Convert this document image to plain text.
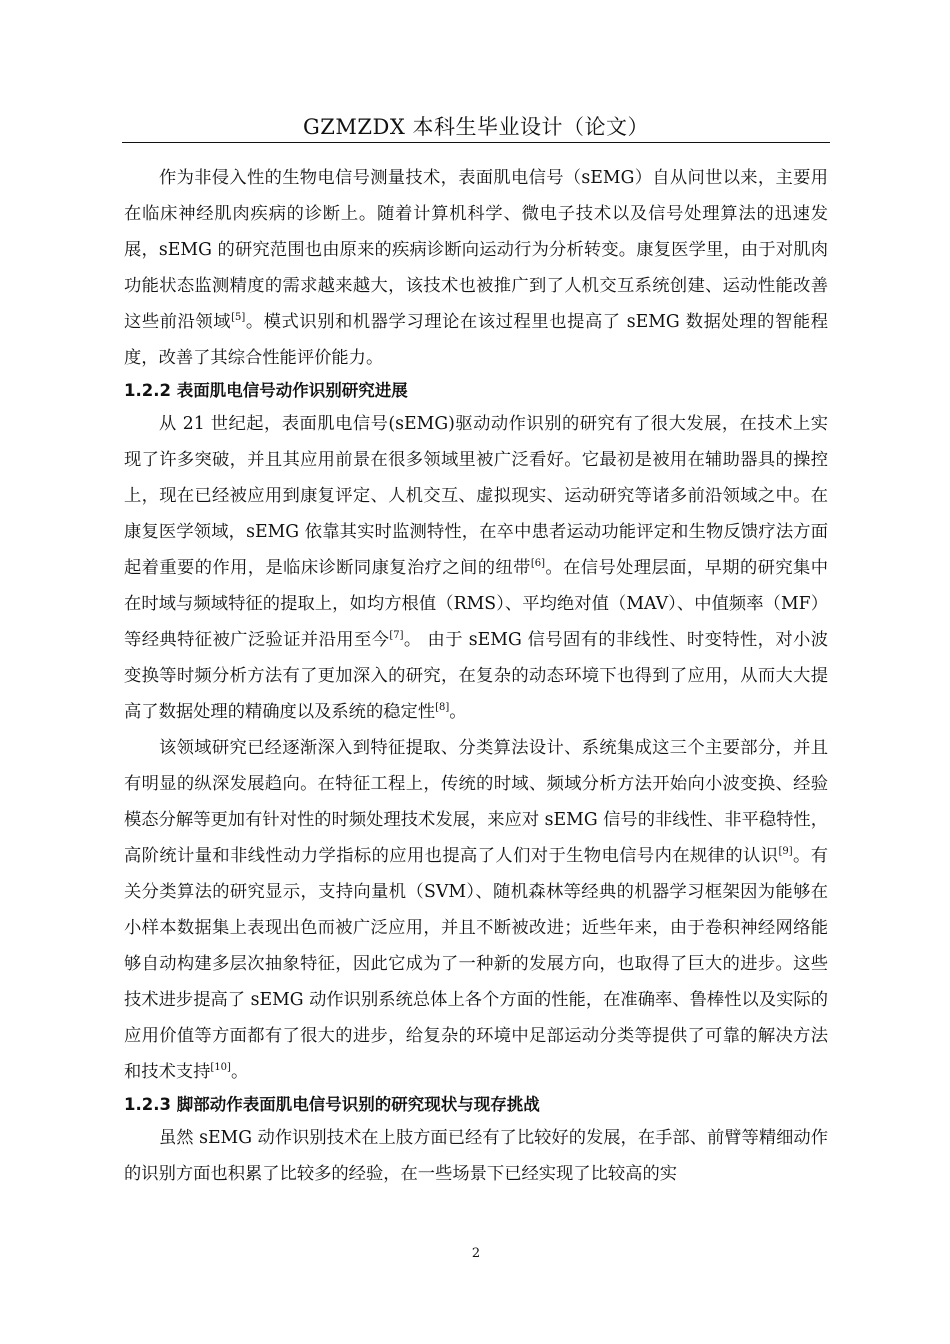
GZMZDX 本科生毕业设计（论文）

作为非侵入性的生物电信号测量技术，表面肌电信号（sEMG）自从问世以来，主要用在临床神经肌肉疾病的诊断上。随着计算机科学、微电子技术以及信号处理算法的迅速发展，sEMG 的研究范围也由原来的疾病诊断向运动行为分析转变。康复医学里，由于对肌肉功能状态监测精度的需求越来越大，该技术也被推广到了人机交互系统创建、运动性能改善这些前沿领域[5]。模式识别和机器学习理论在该过程里也提高了 sEMG 数据处理的智能程度，改善了其综合性能评价能力。

1.2.2 表面肌电信号动作识别研究进展

从 21 世纪起，表面肌电信号(sEMG)驱动动作识别的研究有了很大发展，在技术上实现了许多突破，并且其应用前景在很多领域里被广泛看好。它最初是被用在辅助器具的操控上，现在已经被应用到康复评定、人机交互、虚拟现实、运动研究等诸多前沿领域之中。在康复医学领域，sEMG 依靠其实时监测特性，在卒中患者运动功能评定和生物反馈疗法方面起着重要的作用，是临床诊断同康复治疗之间的纽带[6]。在信号处理层面，早期的研究集中在时域与频域特征的提取上，如均方根值（RMS）、平均绝对值（MAV）、中值频率（MF）等经典特征被广泛验证并沿用至今[7]。 由于 sEMG 信号固有的非线性、时变特性，对小波变换等时频分析方法有了更加深入的研究，在复杂的动态环境下也得到了应用，从而大大提高了数据处理的精确度以及系统的稳定性[8]。

该领域研究已经逐渐深入到特征提取、分类算法设计、系统集成这三个主要部分，并且有明显的纵深发展趋向。在特征工程上，传统的时域、频域分析方法开始向小波变换、经验模态分解等更加有针对性的时频处理技术发展，来应对 sEMG 信号的非线性、非平稳特性，高阶统计量和非线性动力学指标的应用也提高了人们对于生物电信号内在规律的认识[9]。有关分类算法的研究显示，支持向量机（SVM）、随机森林等经典的机器学习框架因为能够在小样本数据集上表现出色而被广泛应用，并且不断被改进；近些年来，由于卷积神经网络能够自动构建多层次抽象特征，因此它成为了一种新的发展方向，也取得了巨大的进步。这些技术进步提高了 sEMG 动作识别系统总体上各个方面的性能，在准确率、鲁棒性以及实际的应用价值等方面都有了很大的进步，给复杂的环境中足部运动分类等提供了可靠的解决方法和技术支持[10]。

1.2.3 脚部动作表面肌电信号识别的研究现状与现存挑战

虽然 sEMG 动作识别技术在上肢方面已经有了比较好的发展，在手部、前臂等精细动作的识别方面也积累了比较多的经验，在一些场景下已经实现了比较高的实

2
